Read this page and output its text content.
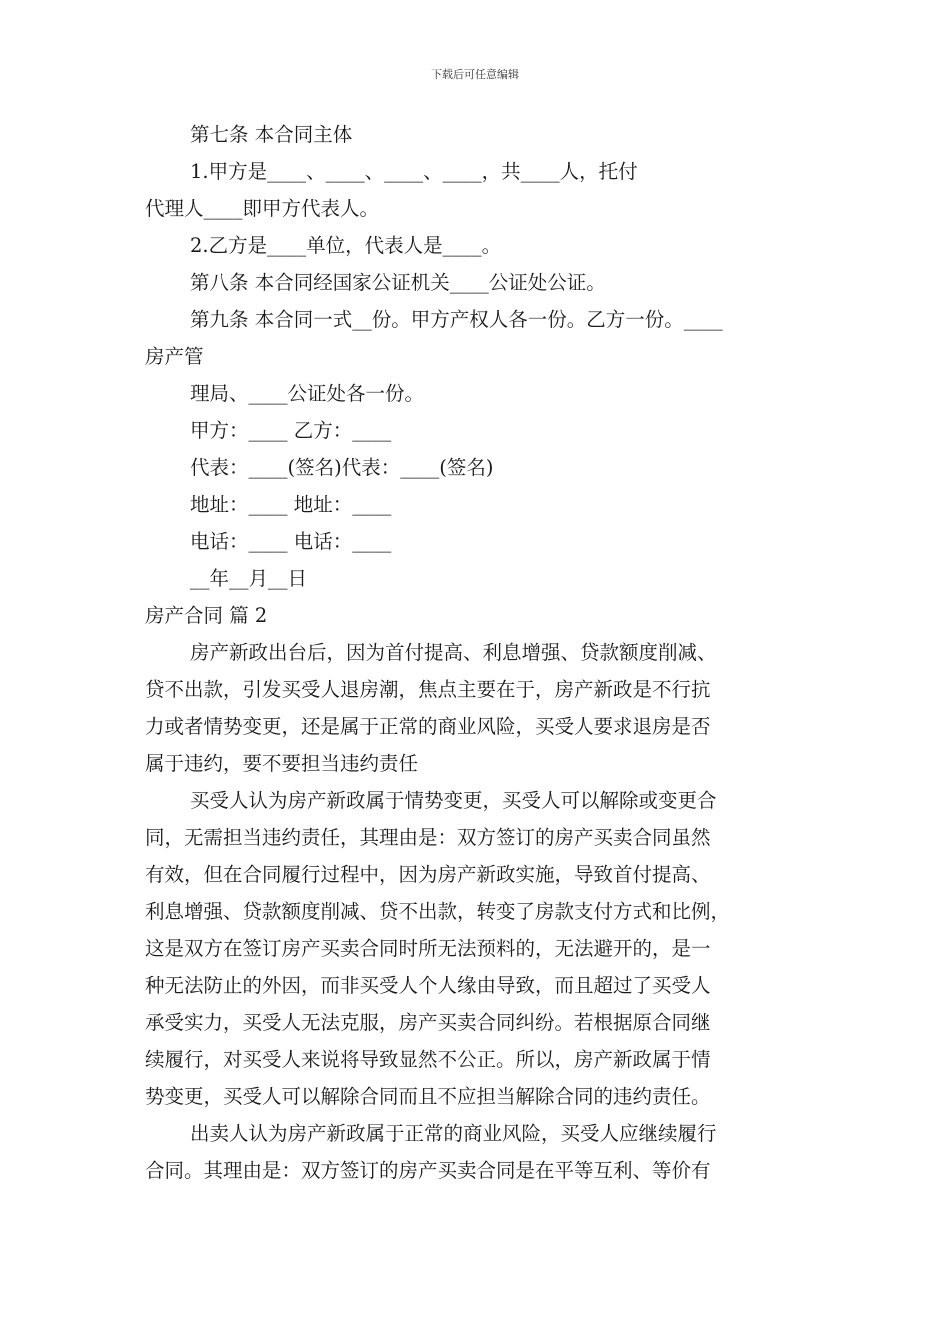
下载后可任意编辑
第七条 本合同主体
1.甲方是____、____、____、____，共____人，托付
代理人____即甲方代表人。
2.乙方是____单位，代表人是____。
第八条 本合同经国家公证机关____公证处公证。
第九条 本合同一式__份。甲方产权人各一份。乙方一份。____
房产管
理局、____公证处各一份。
甲方：____ 乙方：____
代表：____(签名)代表：____(签名)
地址：____ 地址：____
电话：____ 电话：____
__年__月__日
房产合同 篇 2
房产新政出台后，因为首付提高、利息增强、贷款额度削减、
贷不出款，引发买受人退房潮，焦点主要在于，房产新政是不行抗
力或者情势变更，还是属于正常的商业风险，买受人要求退房是否
属于违约，要不要担当违约责任
买受人认为房产新政属于情势变更，买受人可以解除或变更合
同，无需担当违约责任，其理由是：双方签订的房产买卖合同虽然
有效，但在合同履行过程中，因为房产新政实施，导致首付提高、
利息增强、贷款额度削减、贷不出款，转变了房款支付方式和比例，
这是双方在签订房产买卖合同时所无法预料的，无法避开的，是一
种无法防止的外因，而非买受人个人缘由导致，而且超过了买受人
承受实力，买受人无法克服，房产买卖合同纠纷。若根据原合同继
续履行，对买受人来说将导致显然不公正。所以，房产新政属于情
势变更，买受人可以解除合同而且不应担当解除合同的违约责任。
出卖人认为房产新政属于正常的商业风险，买受人应继续履行
合同。其理由是：双方签订的房产买卖合同是在平等互利、等价有
